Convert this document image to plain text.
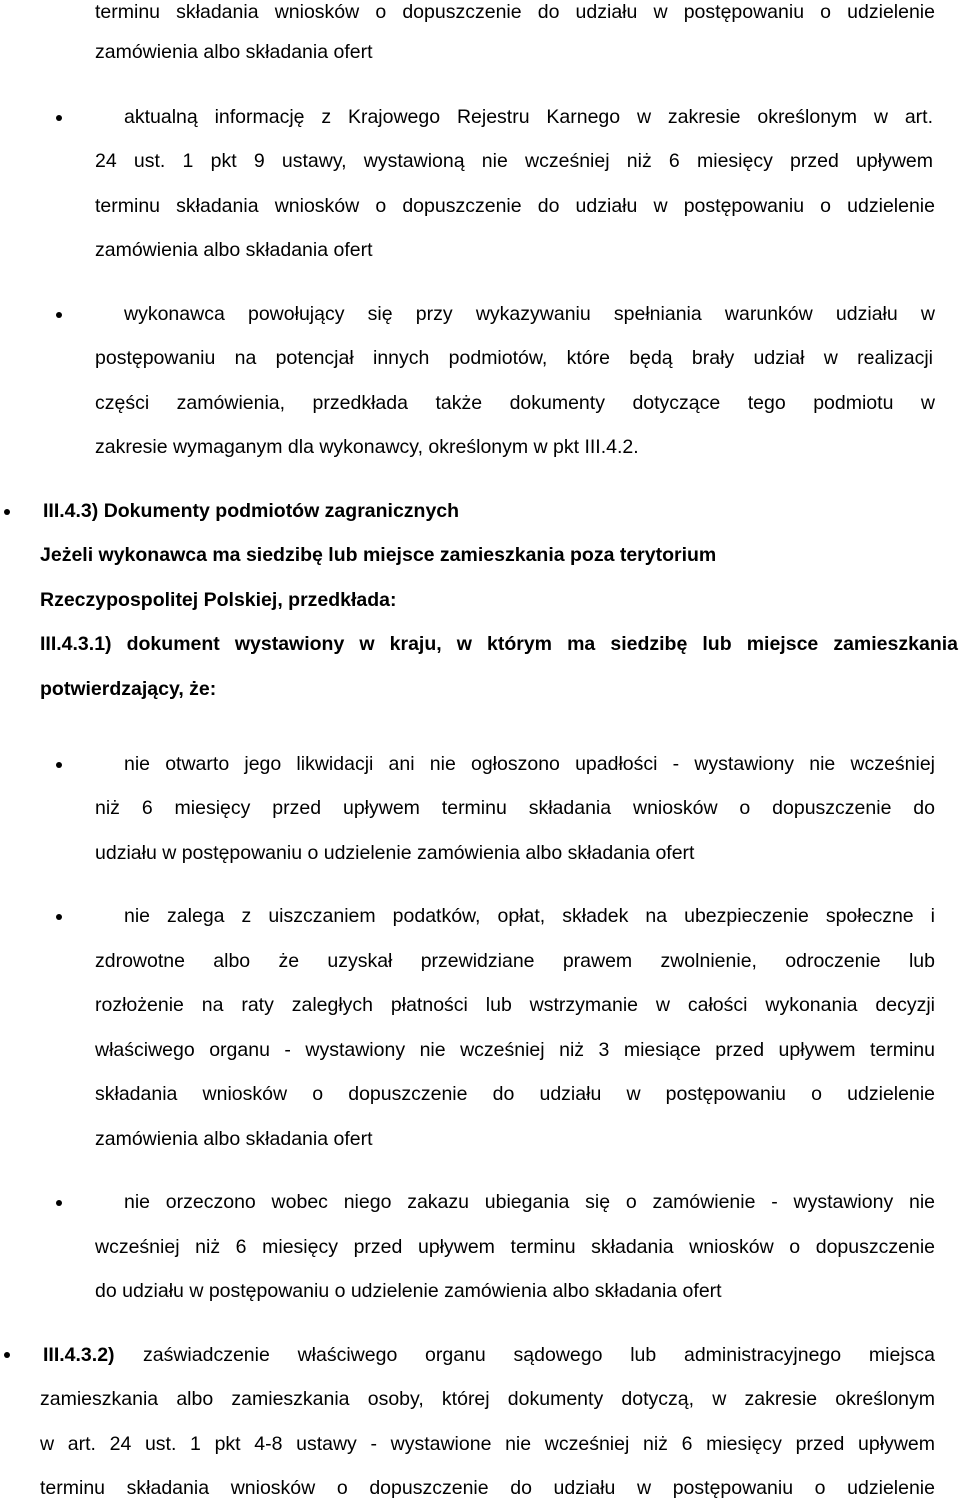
terminu składania wniosków o dopuszczenie do udziału w postępowaniu o udzielenie

zamówienia albo składania ofert

aktualną informację z Krajowego Rejestru Karnego w zakresie określonym w art.

24 ust. 1 pkt 9 ustawy, wystawioną nie wcześniej niż 6 miesięcy przed upływem

terminu składania wniosków o dopuszczenie do udziału w postępowaniu o udzielenie

zamówienia albo składania ofert

wykonawca powołujący się przy wykazywaniu spełniania warunków udziału w

postępowaniu na potencjał innych podmiotów, które będą brały udział w realizacji

części zamówienia, przedkłada także dokumenty dotyczące tego podmiotu w

zakresie wymaganym dla wykonawcy, określonym w pkt III.4.2.

III.4.3) Dokumenty podmiotów zagranicznych

Jeżeli wykonawca ma siedzibę lub miejsce zamieszkania poza terytorium

Rzeczypospolitej Polskiej, przedkłada:

III.4.3.1) dokument wystawiony w kraju, w którym ma siedzibę lub miejsce zamieszkania

potwierdzający, że:

nie otwarto jego likwidacji ani nie ogłoszono upadłości - wystawiony nie wcześniej

niż 6 miesięcy przed upływem terminu składania wniosków o dopuszczenie do

udziału w postępowaniu o udzielenie zamówienia albo składania ofert

nie zalega z uiszczaniem podatków, opłat, składek na ubezpieczenie społeczne i

zdrowotne albo że uzyskał przewidziane prawem zwolnienie, odroczenie lub

rozłożenie na raty zaległych płatności lub wstrzymanie w całości wykonania decyzji

właściwego organu - wystawiony nie wcześniej niż 3 miesiące przed upływem terminu

składania wniosków o dopuszczenie do udziału w postępowaniu o udzielenie

zamówienia albo składania ofert

nie orzeczono wobec niego zakazu ubiegania się o zamówienie - wystawiony nie

wcześniej niż 6 miesięcy przed upływem terminu składania wniosków o dopuszczenie

do udziału w postępowaniu o udzielenie zamówienia albo składania ofert

III.4.3.2) zaświadczenie właściwego organu sądowego lub administracyjnego miejsca

zamieszkania albo zamieszkania osoby, której dokumenty dotyczą, w zakresie określonym

w art. 24 ust. 1 pkt 4-8 ustawy - wystawione nie wcześniej niż 6 miesięcy przed upływem

terminu składania wniosków o dopuszczenie do udziału w postępowaniu o udzielenie
